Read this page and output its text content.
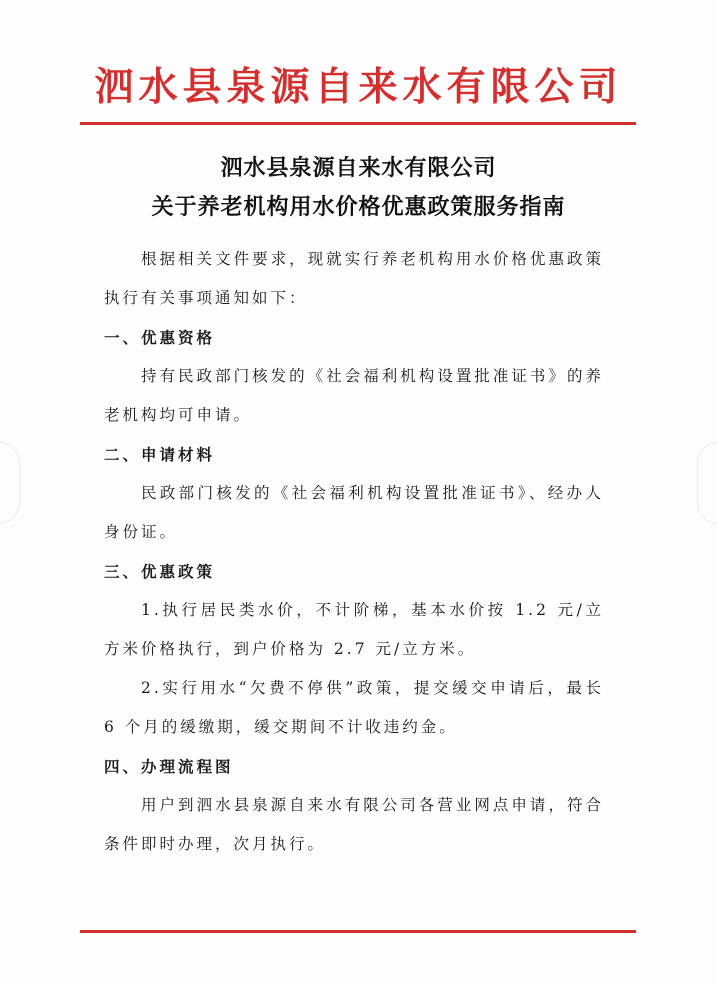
泗水县泉源自来水有限公司
泗水县泉源自来水有限公司
关于养老机构用水价格优惠政策服务指南

根据相关文件要求，现就实行养老机构用水价格优惠政策执行有关事项通知如下：

一、优惠资格

持有民政部门核发的《社会福利机构设置批准证书》的养老机构均可申请。

二、申请材料

民政部门核发的《社会福利机构设置批准证书》、经办人身份证。

三、优惠政策

1.执行居民类水价，不计阶梯，基本水价按 1.2 元/立方米价格执行，到户价格为 2.7 元/立方米。

2.实行用水“欠费不停供”政策，提交缓交申请后，最长 6 个月的缓缴期，缓交期间不计收违约金。

四、办理流程图

用户到泗水县泉源自来水有限公司各营业网点申请，符合条件即时办理，次月执行。
